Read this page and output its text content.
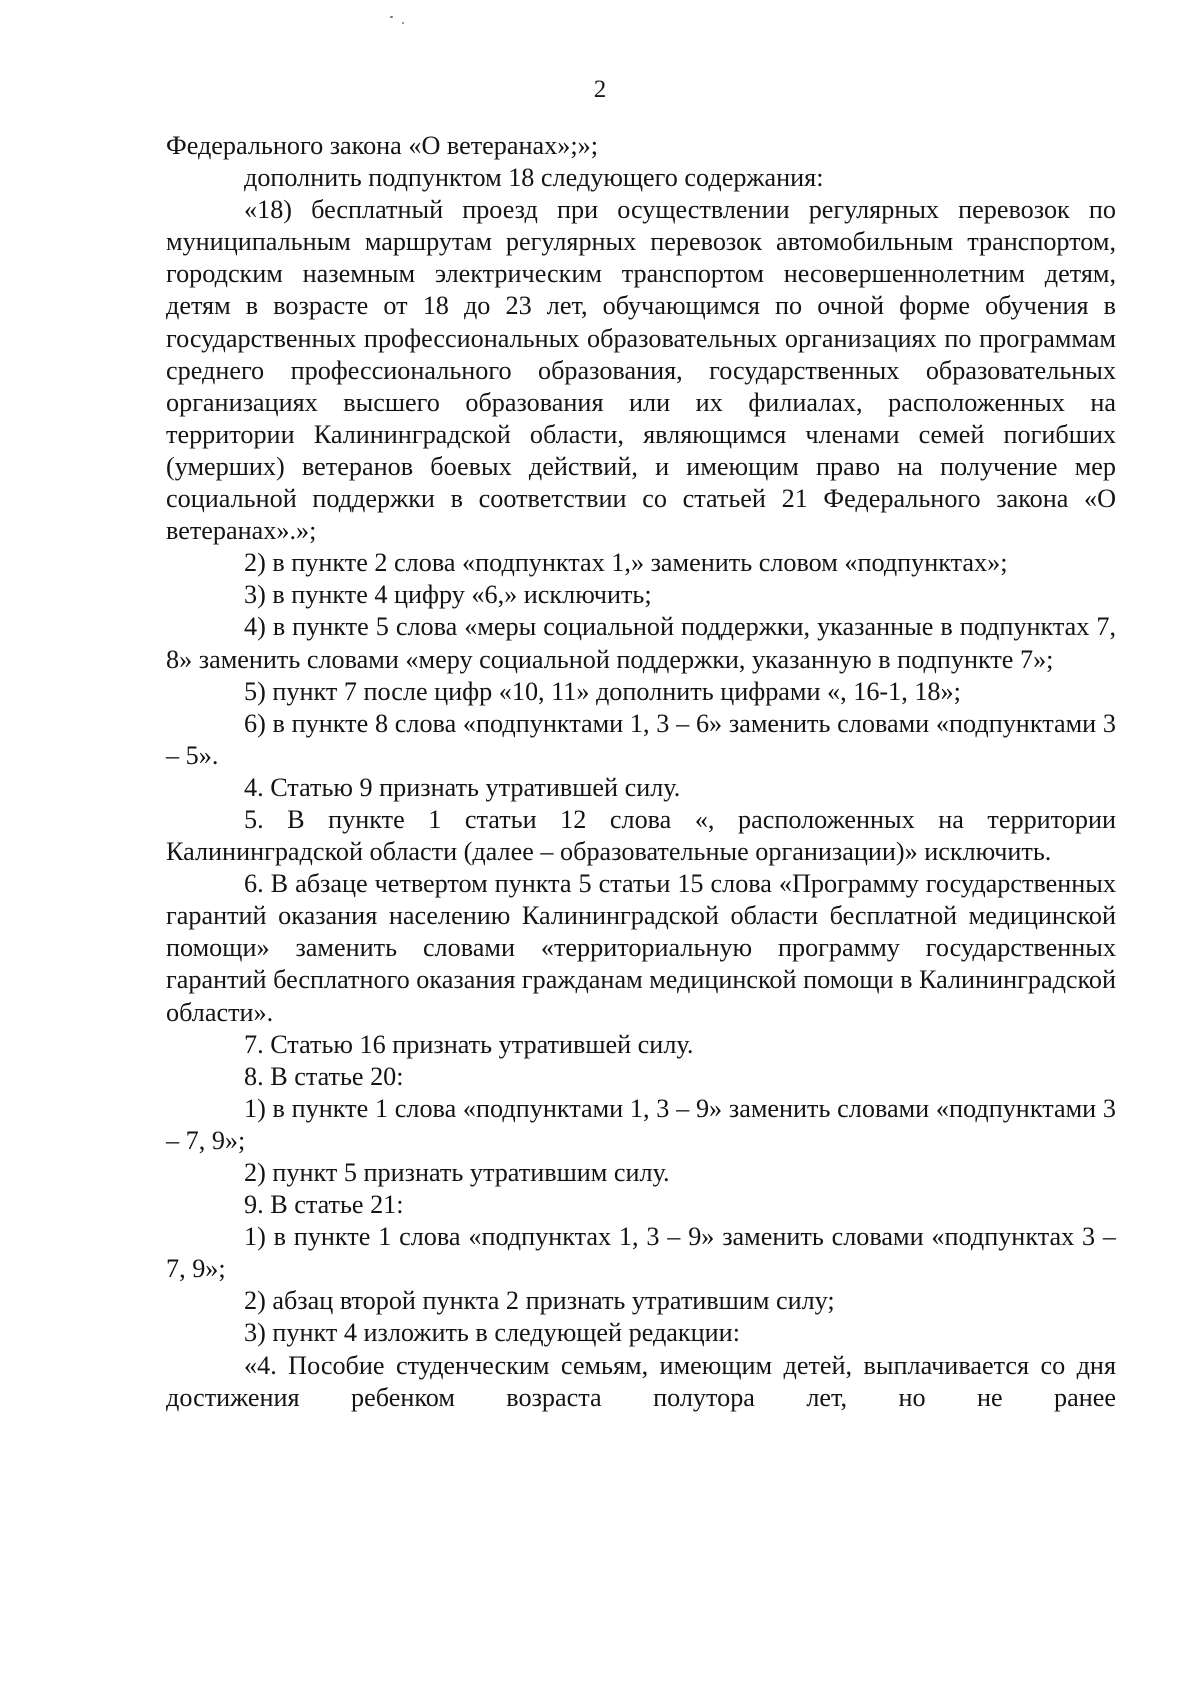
2

Федерального закона «О ветеранах»;»;

дополнить подпунктом 18 следующего содержания:

«18) бесплатный проезд при осуществлении регулярных перевозок по муниципальным маршрутам регулярных перевозок автомобильным транспортом, городским наземным электрическим транспортом несовершеннолетним детям, детям в возрасте от 18 до 23 лет, обучающимся по очной форме обучения в государственных профессиональных образовательных организациях по программам среднего профессионального образования, государственных образовательных организациях высшего образования или их филиалах, расположенных на территории Калининградской области, являющимся членами семей погибших (умерших) ветеранов боевых действий, и имеющим право на получение мер социальной поддержки в соответствии со статьей 21 Федерального закона «О ветеранах».»;

2) в пункте 2 слова «подпунктах 1,» заменить словом «подпунктах»;

3) в пункте 4 цифру «6,» исключить;

4) в пункте 5 слова «меры социальной поддержки, указанные в подпунктах 7, 8» заменить словами «меру социальной поддержки, указанную в подпункте 7»;

5) пункт 7 после цифр «10, 11» дополнить цифрами «, 16-1, 18»;

6) в пункте 8 слова «подпунктами 1, 3 – 6» заменить словами «подпунктами 3 – 5».

4. Статью 9 признать утратившей силу.

5. В пункте 1 статьи 12 слова «, расположенных на территории Калининградской области (далее – образовательные организации)» исключить.

6. В абзаце четвертом пункта 5 статьи 15 слова «Программу государственных гарантий оказания населению Калининградской области бесплатной медицинской помощи» заменить словами «территориальную программу государственных гарантий бесплатного оказания гражданам медицинской помощи в Калининградской области».

7. Статью 16 признать утратившей силу.

8. В статье 20:

1) в пункте 1 слова «подпунктами 1, 3 – 9» заменить словами «подпунктами 3 – 7, 9»;

2) пункт 5 признать утратившим силу.

9. В статье 21:

1) в пункте 1 слова «подпунктах 1, 3 – 9» заменить словами «подпунктах 3 – 7, 9»;

2) абзац второй пункта 2 признать утратившим силу;

3) пункт 4 изложить в следующей редакции:

«4. Пособие студенческим семьям, имеющим детей, выплачивается со дня достижения ребенком возраста полутора лет, но не ранее
